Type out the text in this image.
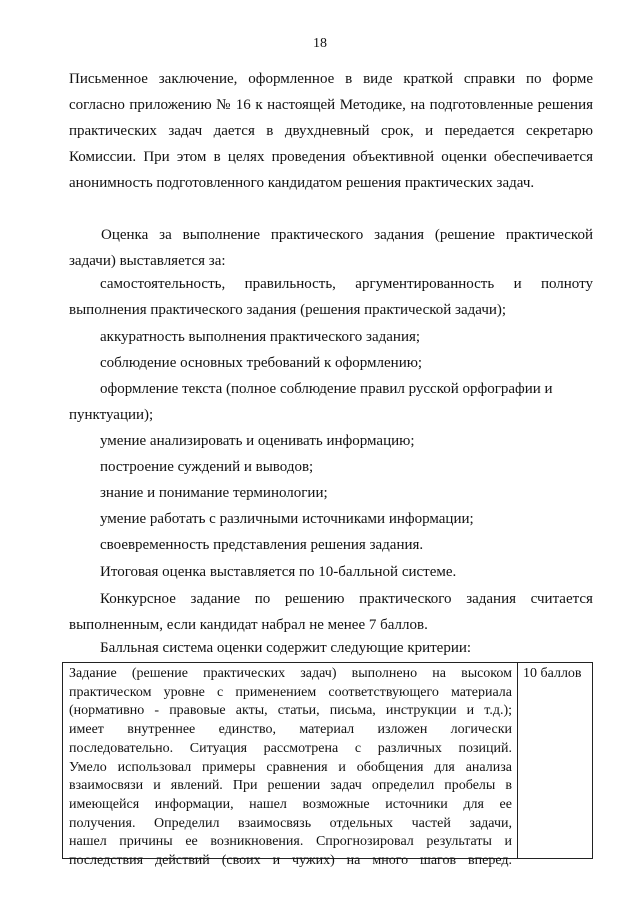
18

Письменное заключение, оформленное в виде краткой справки по форме согласно приложению № 16 к настоящей Методике, на подготовленные решения практических задач дается в двухдневный срок, и передается секретарю Комиссии. При этом в целях проведения объективной оценки обеспечивается анонимность подготовленного кандидатом решения практических задач.

Оценка за выполнение практического задания (решение практической задачи) выставляется за:

самостоятельность, правильность, аргументированность и полноту
выполнения практического задания (решения практической задачи);
аккуратность выполнения практического задания;
соблюдение основных требований к оформлению;
оформление текста (полное соблюдение правил русской орфографии и
пунктуации);
умение анализировать и оценивать информацию;
построение суждений и выводов;
знание и понимание терминологии;
умение работать с различными источниками информации;
своевременность представления решения задания.
Итоговая оценка выставляется по 10-балльной системе.
Конкурсное задание по решению практического задания считается
выполненным, если кандидат набрал не менее 7 баллов.
Балльная система оценки содержит следующие критерии:
Задание (решение практических задач) выполнено на высоком
практическом уровне с применением соответствующего материала
(нормативно - правовые акты, статьи, письма, инструкции и т.д.);
имеет внутреннее единство, материал изложен логически
последовательно. Ситуация рассмотрена с различных позиций.
Умело использовал примеры сравнения и обобщения для анализа
взаимосвязи и явлений. При решении задач определил пробелы в
имеющейся информации, нашел возможные источники для ее
получения. Определил взаимосвязь отдельных частей задачи,
нашел причины ее возникновения. Спрогнозировал результаты и
последствия действий (своих и чужих) на много шагов вперед.
10 баллов
